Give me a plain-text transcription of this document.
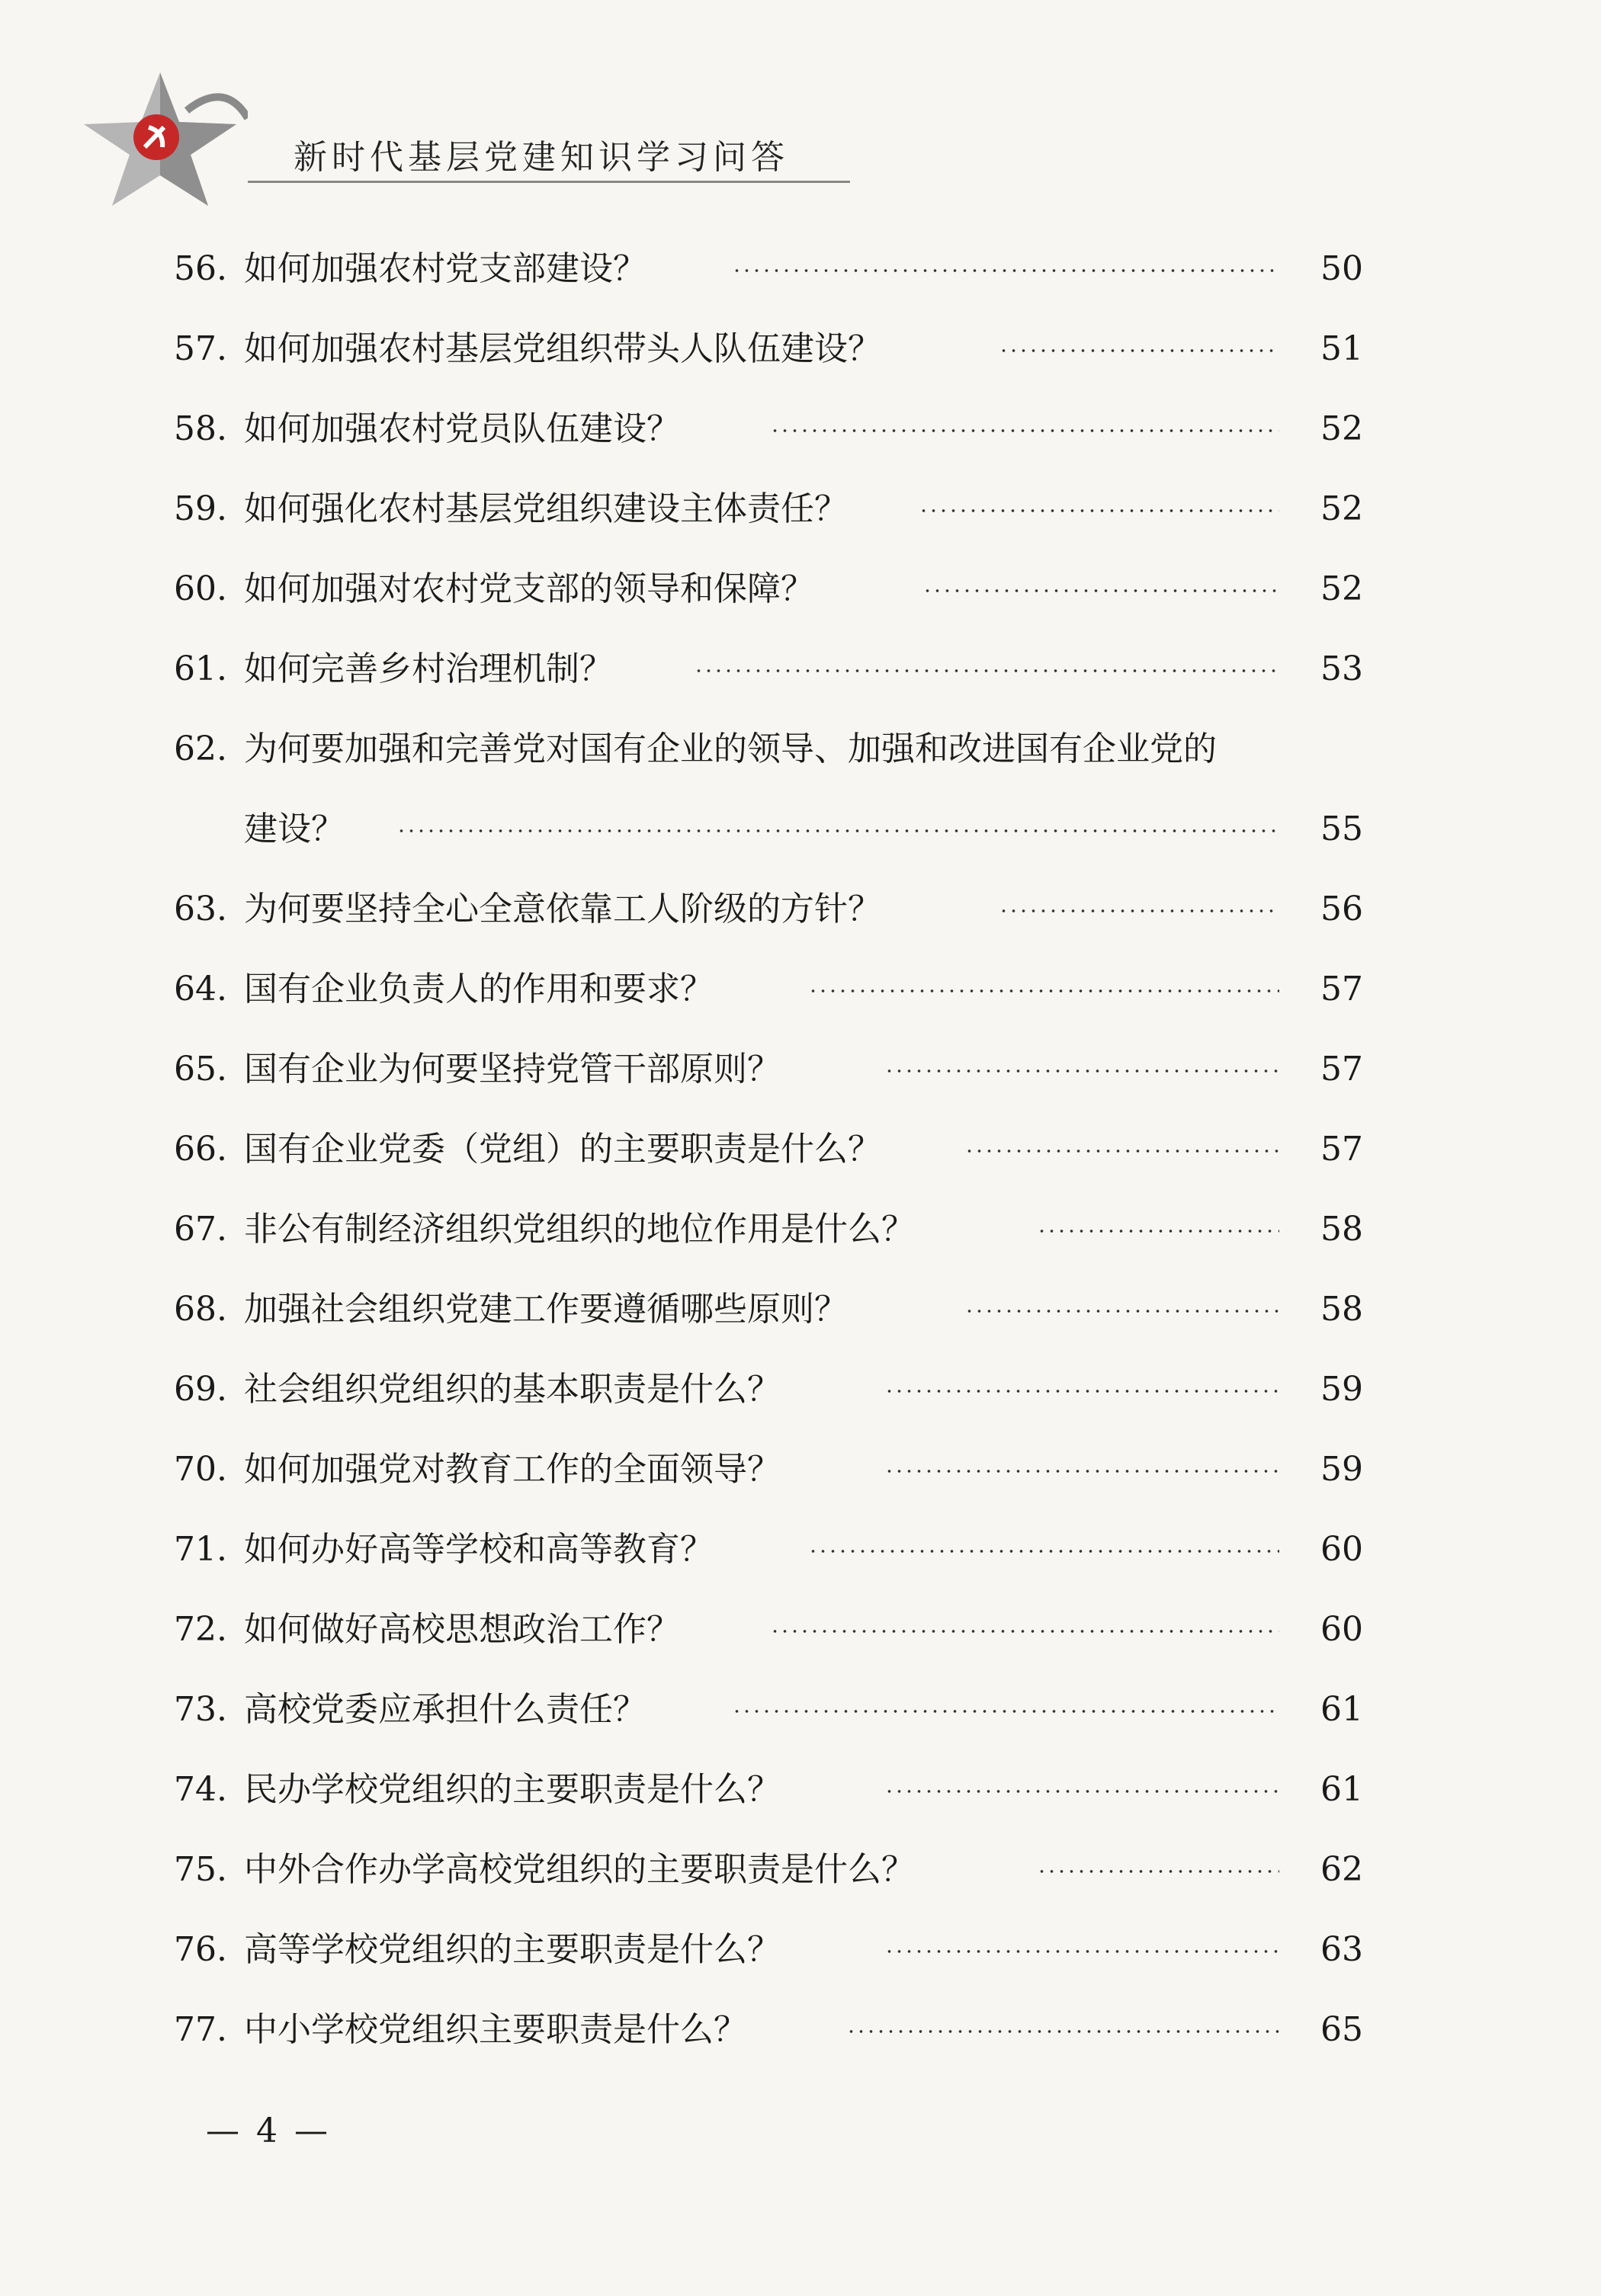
新时代基层党建知识学习问答
56. 如何加强农村党支部建设？	50
57. 如何加强农村基层党组织带头人队伍建设？	51
58. 如何加强农村党员队伍建设？	52
59. 如何强化农村基层党组织建设主体责任？	52
60. 如何加强对农村党支部的领导和保障？	52
61. 如何完善乡村治理机制？	53
62. 为何要加强和完善党对国有企业的领导、加强和改进国有企业党的
建设？	55
63. 为何要坚持全心全意依靠工人阶级的方针？	56
64. 国有企业负责人的作用和要求？	57
65. 国有企业为何要坚持党管干部原则？	57
66. 国有企业党委（党组）的主要职责是什么？	57
67. 非公有制经济组织党组织的地位作用是什么？	58
68. 加强社会组织党建工作要遵循哪些原则？	58
69. 社会组织党组织的基本职责是什么？	59
70. 如何加强党对教育工作的全面领导？	59
71. 如何办好高等学校和高等教育？	60
72. 如何做好高校思想政治工作？	60
73. 高校党委应承担什么责任？	61
74. 民办学校党组织的主要职责是什么？	61
75. 中外合作办学高校党组织的主要职责是什么？	62
76. 高等学校党组织的主要职责是什么？	63
77. 中小学校党组织主要职责是什么？	65
— 4 —
